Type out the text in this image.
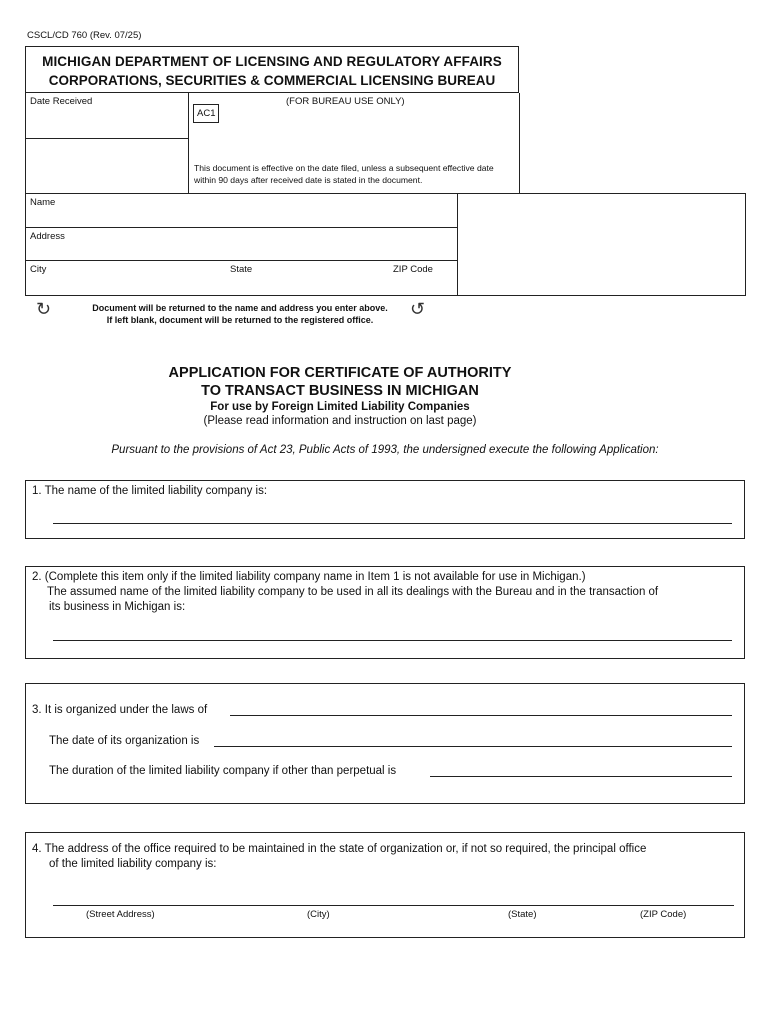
CSCL/CD 760 (Rev. 07/25)
MICHIGAN DEPARTMENT OF LICENSING AND REGULATORY AFFAIRS
CORPORATIONS, SECURITIES & COMMERCIAL LICENSING BUREAU
Date Received
AC1
(FOR BUREAU USE ONLY)
This document is effective on the date filed, unless a subsequent effective date within 90 days after received date is stated in the document.
Name
Address
City	State	ZIP Code
↻	↺
Document will be returned to the name and address you enter above.
If left blank, document will be returned to the registered office.
APPLICATION FOR CERTIFICATE OF AUTHORITY
TO TRANSACT BUSINESS IN MICHIGAN
For use by Foreign Limited Liability Companies
(Please read information and instruction on last page)
Pursuant to the provisions of Act 23, Public Acts of 1993, the undersigned execute the following Application:
1. The name of the limited liability company is:
2. (Complete this item only if the limited liability company name in Item 1 is not available for use in Michigan.)
The assumed name of the limited liability company to be used in all its dealings with the Bureau and in the transaction of
its business in Michigan is:
3. It is organized under the laws of
The date of its organization is
The duration of the limited liability company if other than perpetual is
4. The address of the office required to be maintained in the state of organization or, if not so required, the principal office
of the limited liability company is:
(Street Address)	(City)	(State)	(ZIP Code)
